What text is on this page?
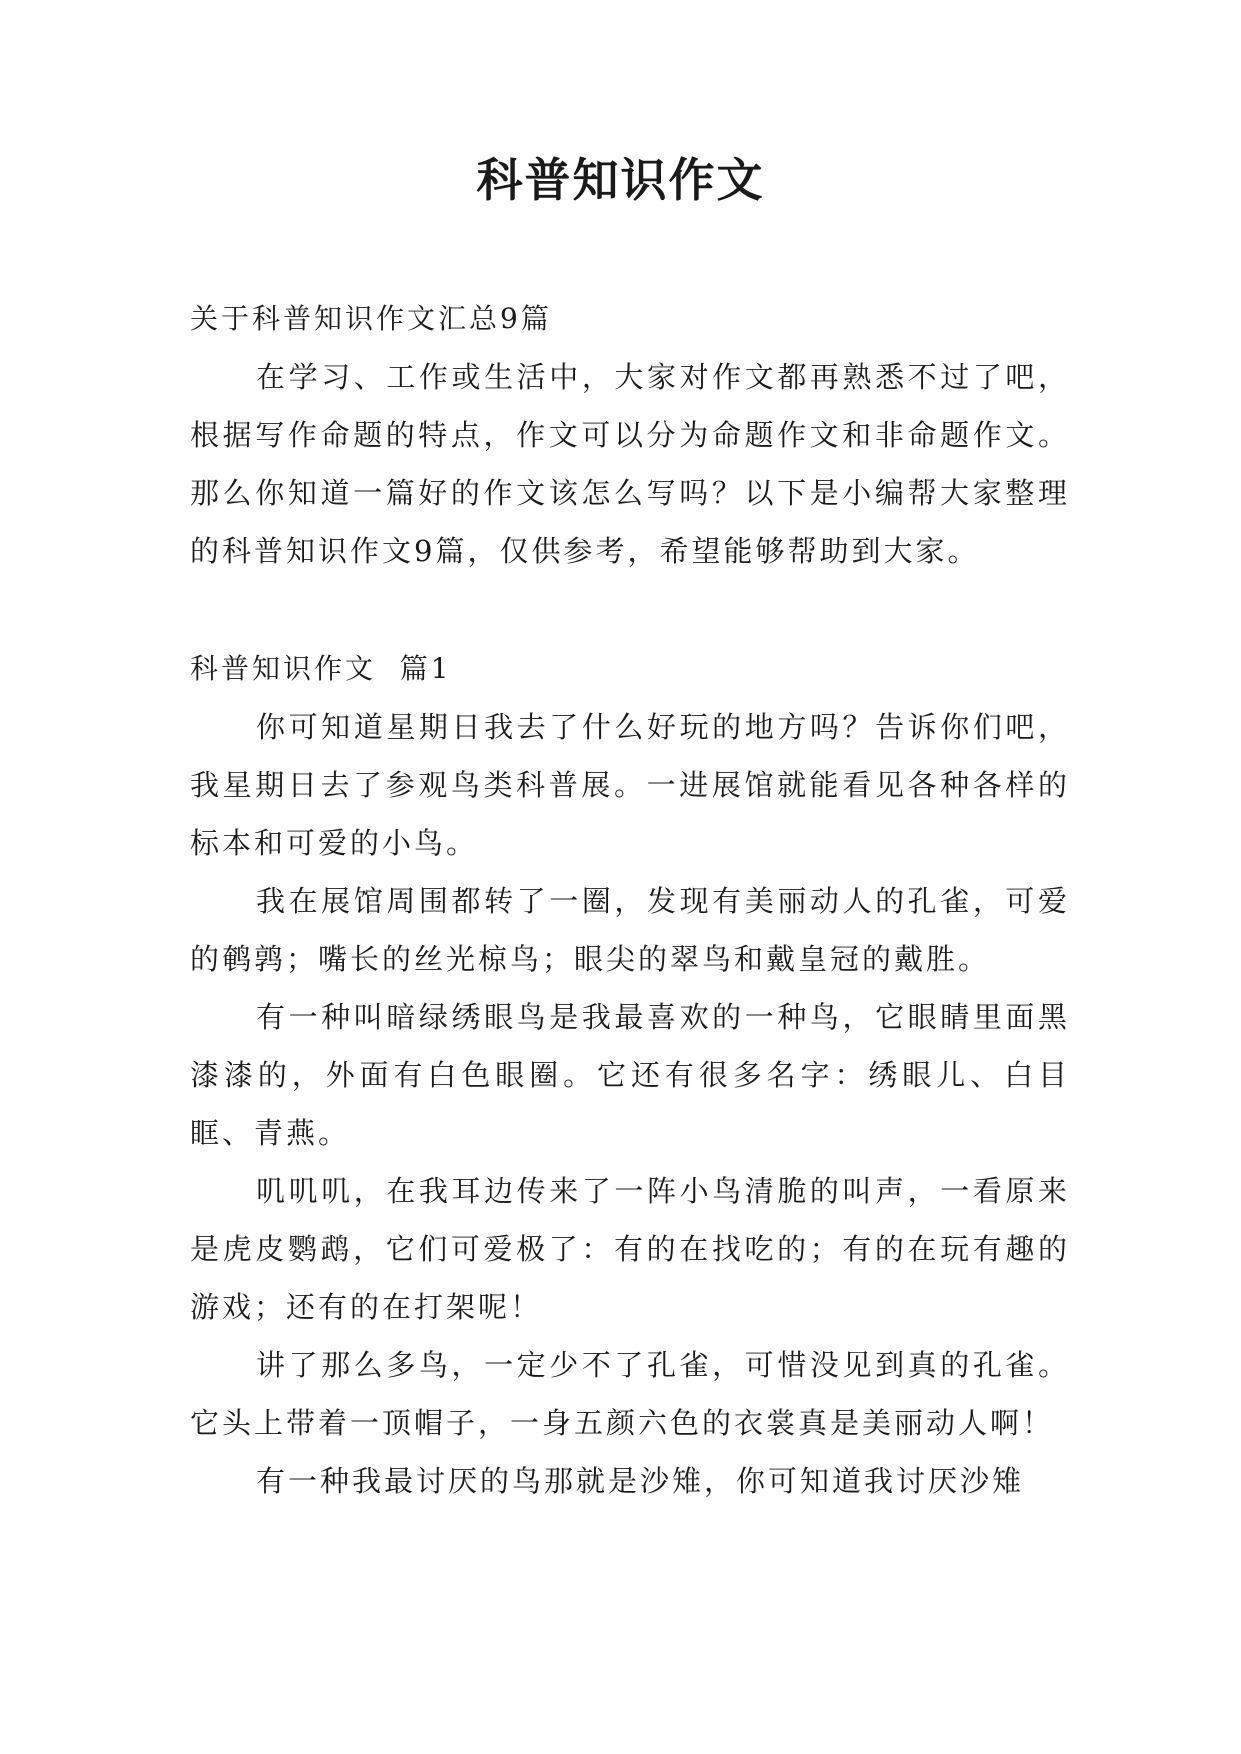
科普知识作文

关于科普知识作文汇总9篇

在学习、工作或生活中，大家对作文都再熟悉不过了吧，根据写作命题的特点，作文可以分为命题作文和非命题作文。那么你知道一篇好的作文该怎么写吗？以下是小编帮大家整理的科普知识作文9篇，仅供参考，希望能够帮助到大家。

科普知识作文  篇1

你可知道星期日我去了什么好玩的地方吗？告诉你们吧，我星期日去了参观鸟类科普展。一进展馆就能看见各种各样的标本和可爱的小鸟。

我在展馆周围都转了一圈，发现有美丽动人的孔雀，可爱的鹌鹑；嘴长的丝光椋鸟；眼尖的翠鸟和戴皇冠的戴胜。

有一种叫暗绿绣眼鸟是我最喜欢的一种鸟，它眼睛里面黑漆漆的，外面有白色眼圈。它还有很多名字：绣眼儿、白目眶、青燕。

叽叽叽，在我耳边传来了一阵小鸟清脆的叫声，一看原来是虎皮鹦鹉，它们可爱极了：有的在找吃的；有的在玩有趣的游戏；还有的在打架呢！

讲了那么多鸟，一定少不了孔雀，可惜没见到真的孔雀。它头上带着一顶帽子，一身五颜六色的衣裳真是美丽动人啊！

有一种我最讨厌的鸟那就是沙雉，你可知道我讨厌沙雉
